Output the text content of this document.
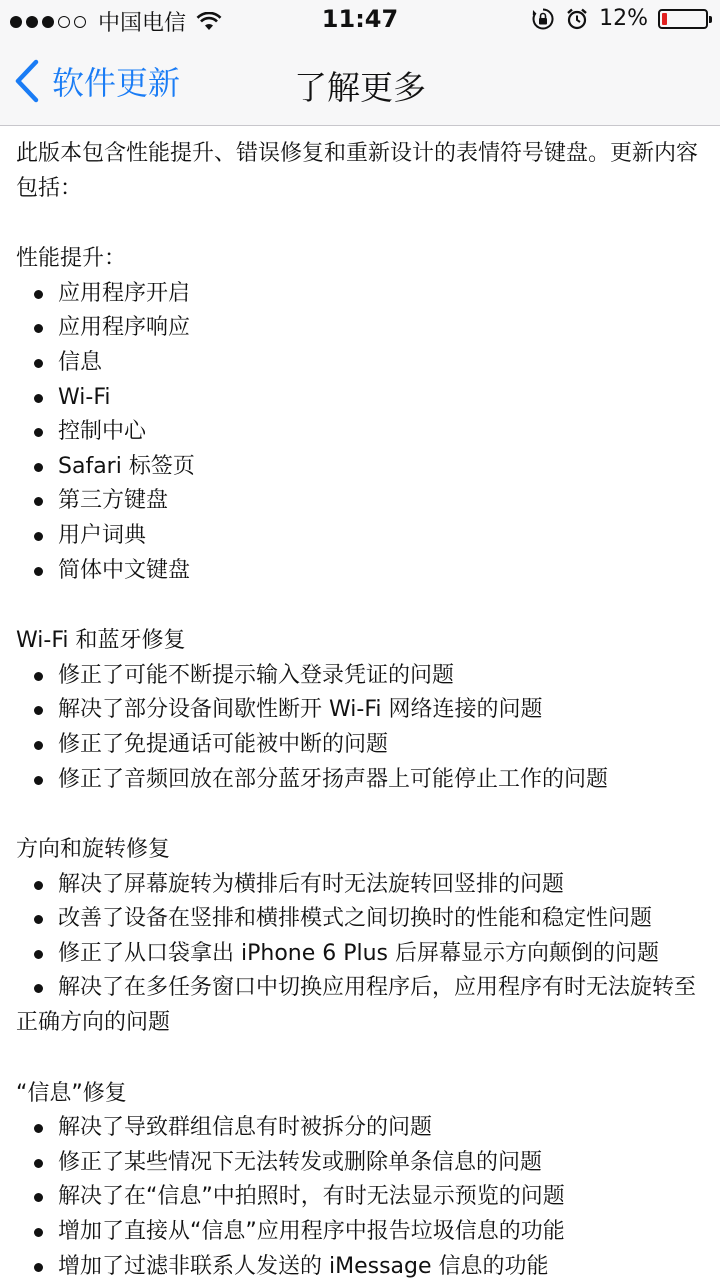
中国电信	11:47	12%
软件更新	了解更多

此版本包含性能提升、错误修复和重新设计的表情符号键盘。更新内容包括：

性能提升：

应用程序开启
应用程序响应
信息
Wi-Fi
控制中心
Safari 标签页
第三方键盘
用户词典
简体中文键盘

Wi-Fi 和蓝牙修复

修正了可能不断提示输入登录凭证的问题
解决了部分设备间歇性断开 Wi-Fi 网络连接的问题
修正了免提通话可能被中断的问题
修正了音频回放在部分蓝牙扬声器上可能停止工作的问题

方向和旋转修复

解决了屏幕旋转为横排后有时无法旋转回竖排的问题
改善了设备在竖排和横排模式之间切换时的性能和稳定性问题
修正了从口袋拿出 iPhone 6 Plus 后屏幕显示方向颠倒的问题
解决了在多任务窗口中切换应用程序后，应用程序有时无法旋转至正确方向的问题

“信息”修复

解决了导致群组信息有时被拆分的问题
修正了某些情况下无法转发或删除单条信息的问题
解决了在“信息”中拍照时，有时无法显示预览的问题
增加了直接从“信息”应用程序中报告垃圾信息的功能
增加了过滤非联系人发送的 iMessage 信息的功能
